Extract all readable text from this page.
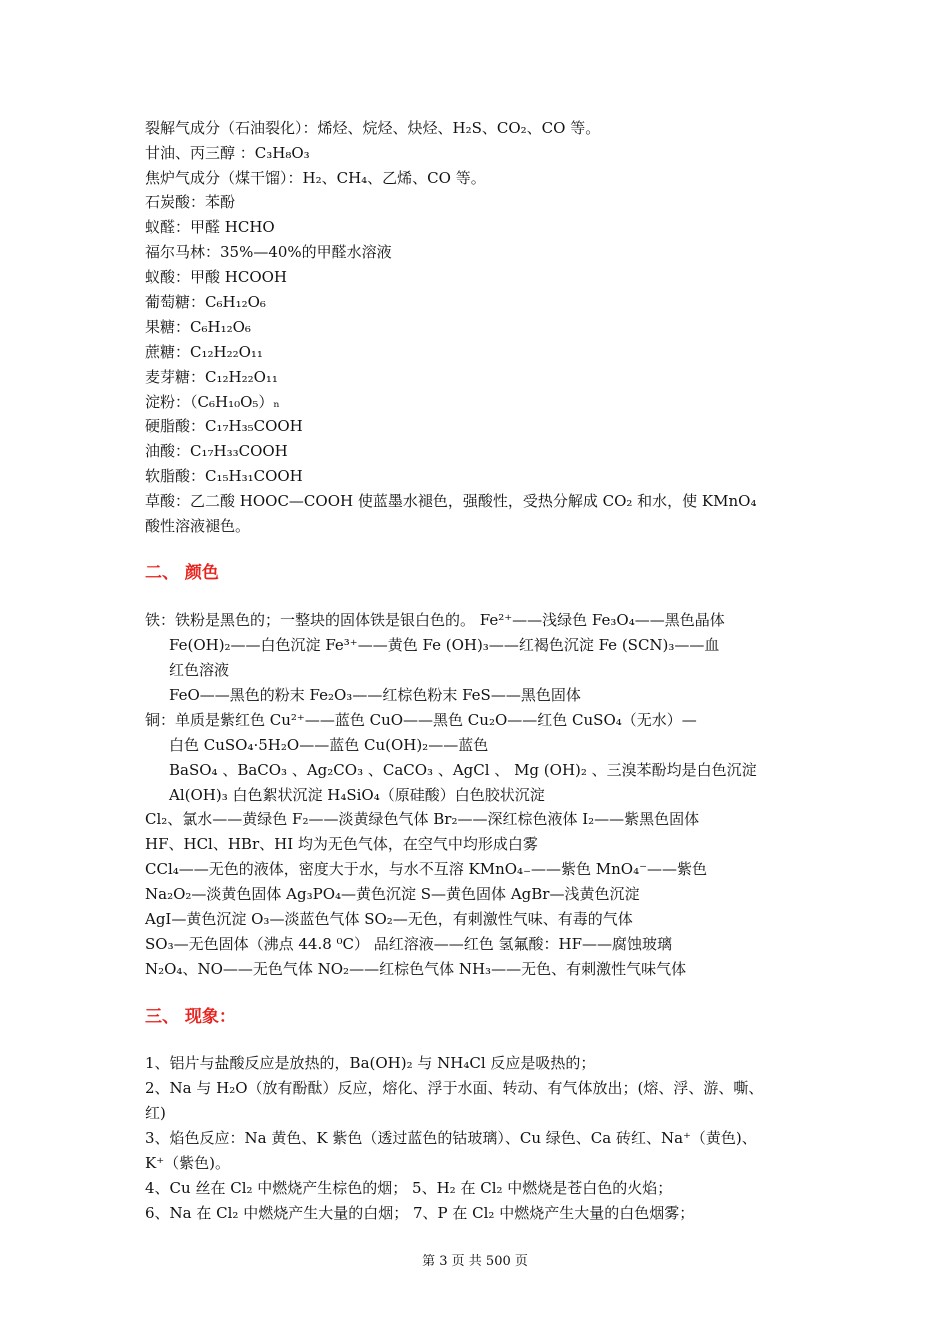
裂解气成分（石油裂化）：烯烃、烷烃、炔烃、H₂S、CO₂、CO 等。
甘油、丙三醇 ：C₃H₈O₃
焦炉气成分（煤干馏）：H₂、CH₄、乙烯、CO 等。
石炭酸：苯酚
蚁醛：甲醛 HCHO
福尔马林：35%—40%的甲醛水溶液
蚁酸：甲酸 HCOOH
葡萄糖：C₆H₁₂O₆
果糖：C₆H₁₂O₆
蔗糖：C₁₂H₂₂O₁₁
麦芽糖：C₁₂H₂₂O₁₁
淀粉：（C₆H₁₀O₅）ₙ
硬脂酸：C₁₇H₃₅COOH
油酸：C₁₇H₃₃COOH
软脂酸：C₁₅H₃₁COOH
草酸：乙二酸 HOOC—COOH 使蓝墨水褪色，强酸性，受热分解成 CO₂ 和水，使 KMnO₄
酸性溶液褪色。
二、 颜色
铁：铁粉是黑色的；一整块的固体铁是银白色的。 Fe²⁺——浅绿色 Fe₃O₄——黑色晶体
Fe(OH)₂——白色沉淀 Fe³⁺——黄色 Fe (OH)₃——红褐色沉淀 Fe (SCN)₃——血
红色溶液
FeO——黑色的粉末 Fe₂O₃——红棕色粉末 FeS——黑色固体
铜：单质是紫红色 Cu²⁺——蓝色 CuO——黑色 Cu₂O——红色 CuSO₄（无水）—
白色 CuSO₄·5H₂O——蓝色 Cu(OH)₂——蓝色
BaSO₄ 、BaCO₃ 、Ag₂CO₃ 、CaCO₃ 、AgCl 、 Mg (OH)₂ 、三溴苯酚均是白色沉淀
Al(OH)₃ 白色絮状沉淀 H₄SiO₄（原硅酸）白色胶状沉淀
Cl₂、氯水——黄绿色 F₂——淡黄绿色气体 Br₂——深红棕色液体 I₂——紫黑色固体
HF、HCl、HBr、HI 均为无色气体，在空气中均形成白雾
CCl₄——无色的液体，密度大于水，与水不互溶 KMnO₄₋——紫色 MnO₄⁻——紫色
Na₂O₂—淡黄色固体 Ag₃PO₄—黄色沉淀 S—黄色固体 AgBr—浅黄色沉淀
AgI—黄色沉淀 O₃—淡蓝色气体 SO₂—无色，有刺激性气味、有毒的气体
SO₃—无色固体（沸点 44.8 ⁰C） 品红溶液——红色 氢氟酸：HF——腐蚀玻璃
N₂O₄、NO——无色气体 NO₂——红棕色气体 NH₃——无色、有刺激性气味气体
三、 现象：
1、铝片与盐酸反应是放热的，Ba(OH)₂ 与 NH₄Cl 反应是吸热的；
2、Na 与 H₂O（放有酚酞）反应，熔化、浮于水面、转动、有气体放出；(熔、浮、游、嘶、
红)
3、焰色反应：Na 黄色、K 紫色（透过蓝色的钴玻璃）、Cu 绿色、Ca 砖红、Na⁺（黄色)、
K⁺（紫色)。
4、Cu 丝在 Cl₂ 中燃烧产生棕色的烟； 5、H₂ 在 Cl₂ 中燃烧是苍白色的火焰；
6、Na 在 Cl₂ 中燃烧产生大量的白烟； 7、P 在 Cl₂ 中燃烧产生大量的白色烟雾；
第 3 页 共 500 页
